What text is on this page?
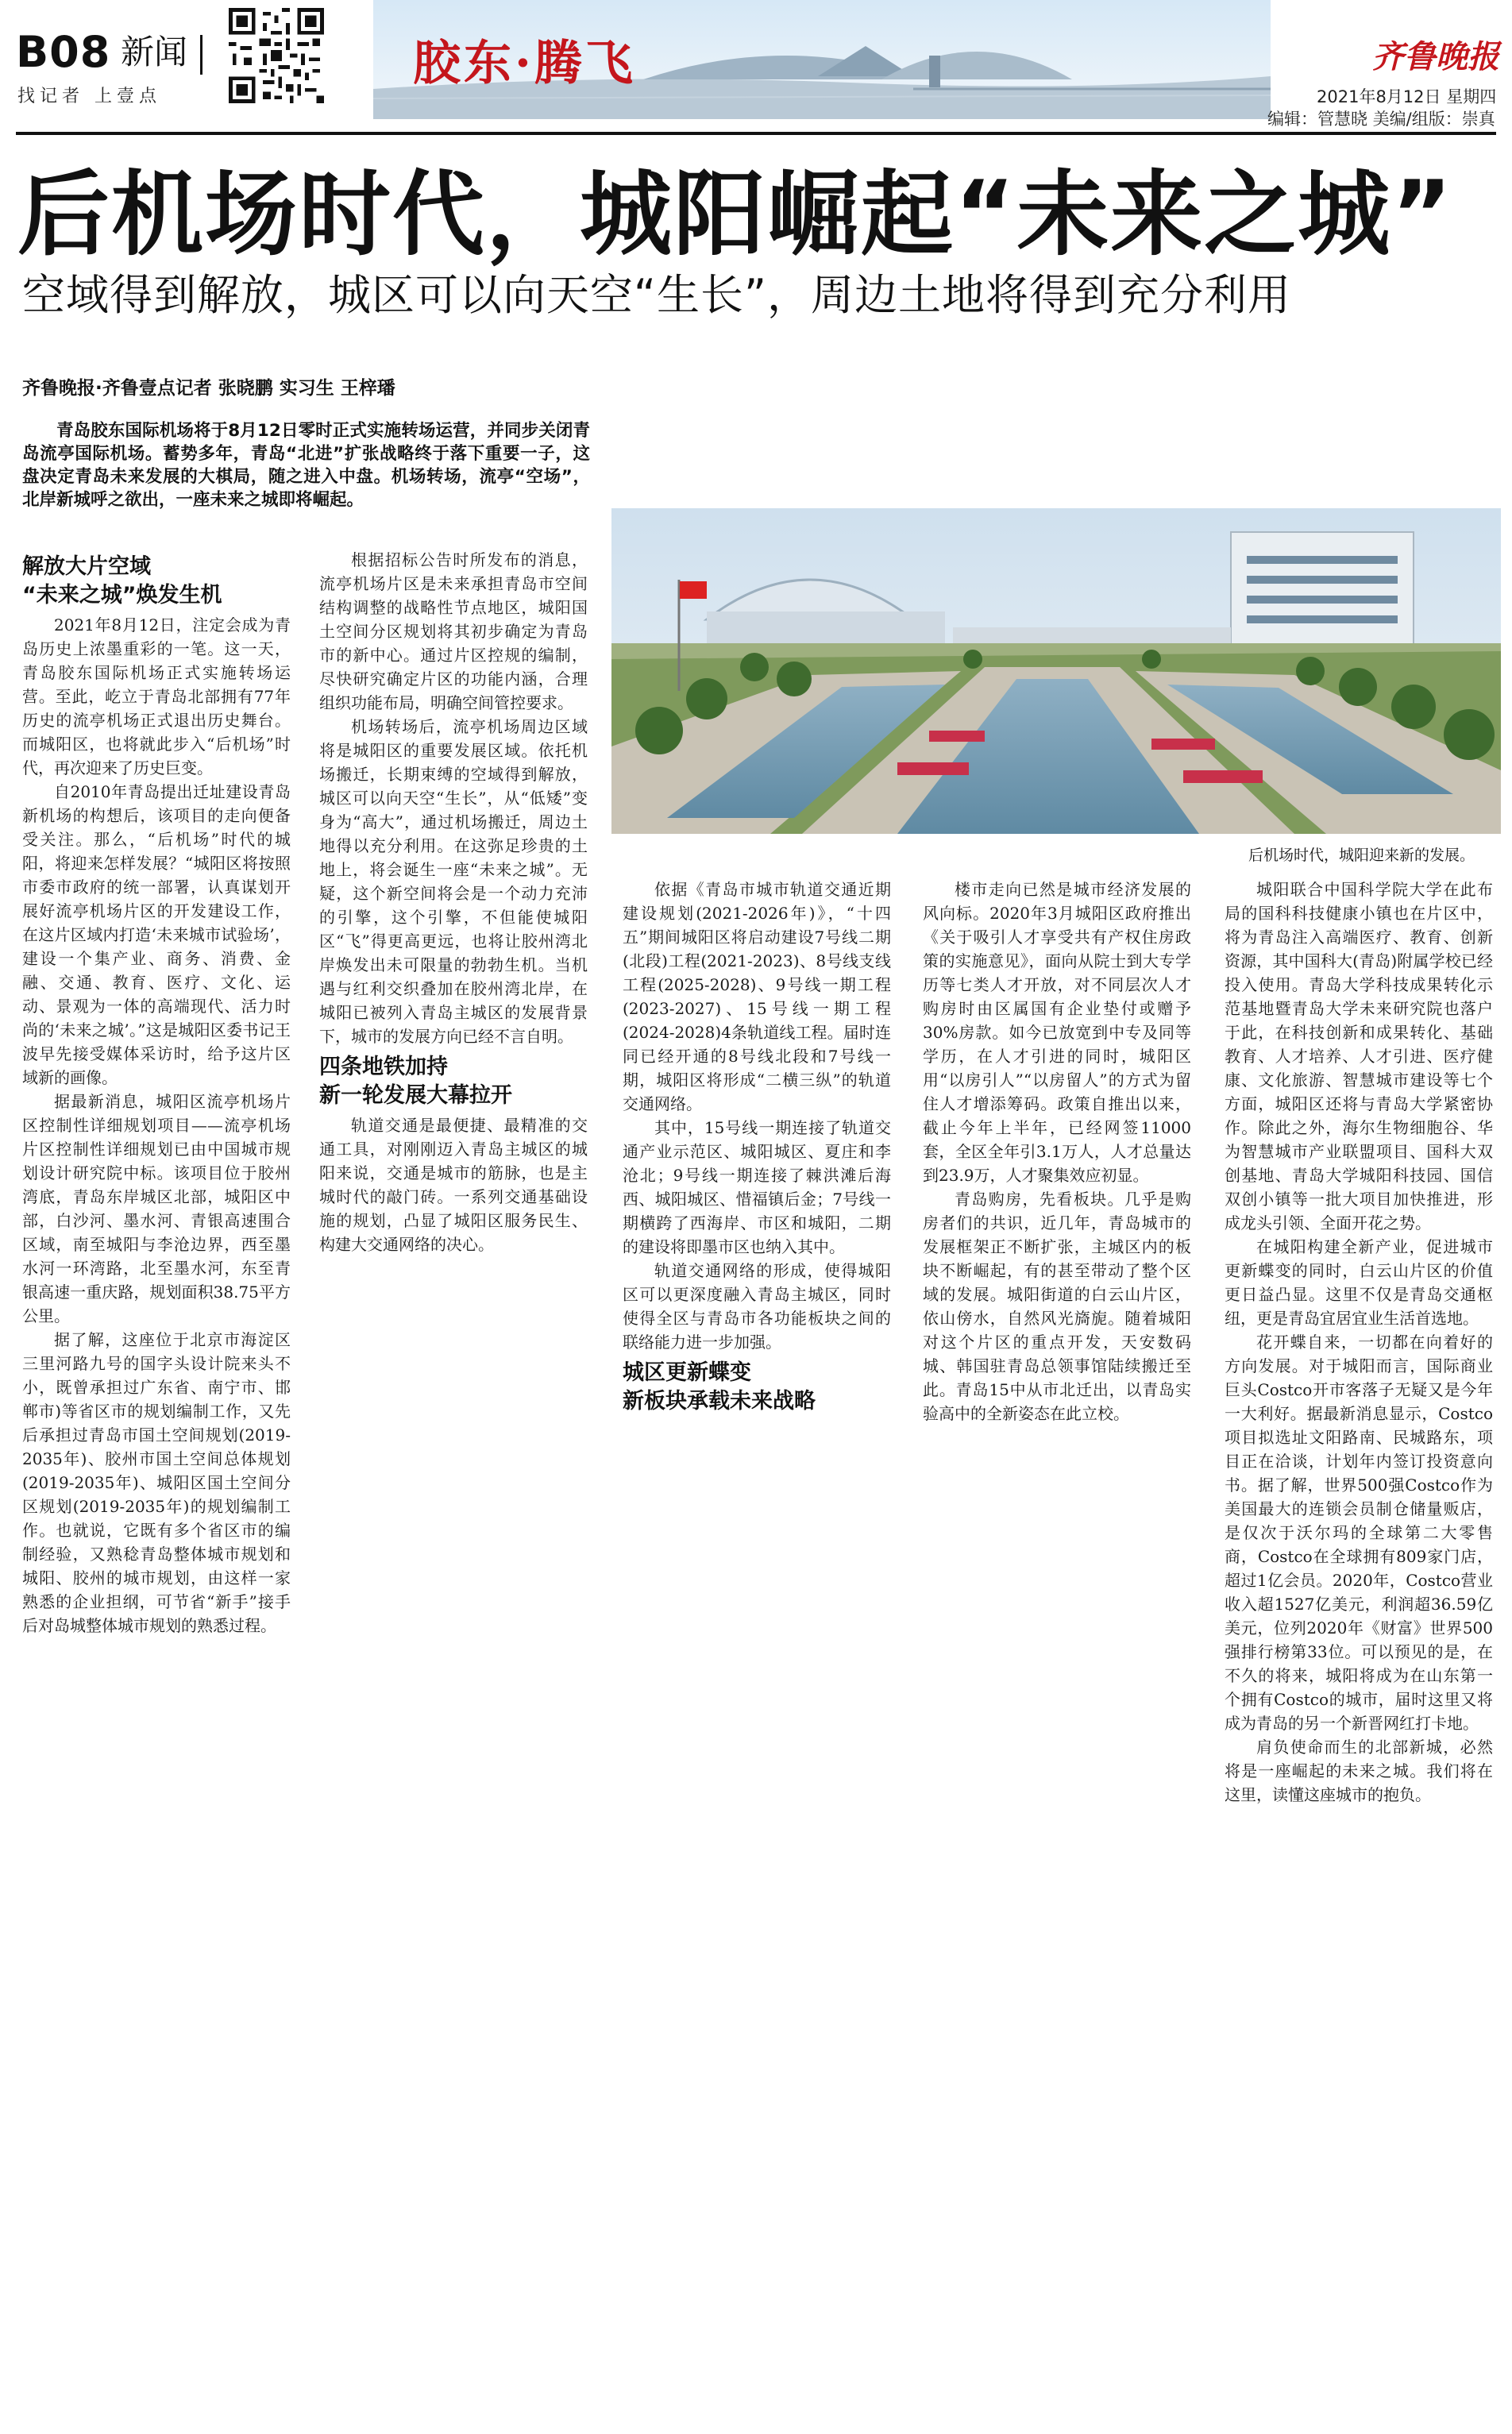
B08 新闻
找记者 上壹点
胶东·腾飞	齐鲁晚报
2021年8月12日 星期四
编辑：管慧晓 美编/组版：崇真
后机场时代，城阳崛起“未来之城”
空域得到解放，城区可以向天空“生长”，周边土地将得到充分利用
齐鲁晚报·齐鲁壹点记者 张晓鹏 实习生 王梓璠
青岛胶东国际机场将于8月12日零时正式实施转场运营，并同步关闭青岛流亭国际机场。蓄势多年，青岛“北进”扩张战略终于落下重要一子，这盘决定青岛未来发展的大棋局，随之进入中盘。机场转场，流亭“空场”，北岸新城呼之欲出，一座未来之城即将崛起。
后机场时代，城阳迎来新的发展。
解放大片空域
“未来之城”焕发生机

2021年8月12日，注定会成为青岛历史上浓墨重彩的一笔。这一天，青岛胶东国际机场正式实施转场运营。至此，屹立于青岛北部拥有77年历史的流亭机场正式退出历史舞台。而城阳区，也将就此步入“后机场”时代，再次迎来了历史巨变。

自2010年青岛提出迁址建设青岛新机场的构想后，该项目的走向便备受关注。那么，“后机场”时代的城阳，将迎来怎样发展？“城阳区将按照市委市政府的统一部署，认真谋划开展好流亭机场片区的开发建设工作，在这片区域内打造‘未来城市试验场’，建设一个集产业、商务、消费、金融、交通、教育、医疗、文化、运动、景观为一体的高端现代、活力时尚的‘未来之城’。”这是城阳区委书记王波早先接受媒体采访时，给予这片区域新的画像。

据最新消息，城阳区流亭机场片区控制性详细规划项目——流亭机场片区控制性详细规划已由中国城市规划设计研究院中标。该项目位于胶州湾底，青岛东岸城区北部，城阳区中部，白沙河、墨水河、青银高速围合区域，南至城阳与李沧边界，西至墨水河一环湾路，北至墨水河，东至青银高速一重庆路，规划面积38.75平方公里。

据了解，这座位于北京市海淀区三里河路九号的国字头设计院来头不小，既曾承担过广东省、南宁市、邯郸市)等省区市的规划编制工作，又先后承担过青岛市国土空间规划(2019-2035年)、胶州市国土空间总体规划(2019-2035年)、城阳区国土空间分区规划(2019-2035年)的规划编制工作。也就说，它既有多个省区市的编制经验，又熟稔青岛整体城市规划和城阳、胶州的城市规划，由这样一家熟悉的企业担纲，可节省“新手”接手后对岛城整体城市规划的熟悉过程。

根据招标公告时所发布的消息，流亭机场片区是未来承担青岛市空间结构调整的战略性节点地区，城阳国土空间分区规划将其初步确定为青岛市的新中心。通过片区控规的编制，尽快研究确定片区的功能内涵，合理组织功能布局，明确空间管控要求。

机场转场后，流亭机场周边区域将是城阳区的重要发展区域。依托机场搬迁，长期束缚的空域得到解放，城区可以向天空“生长”，从“低矮”变身为“高大”，通过机场搬迁，周边土地得以充分利用。在这弥足珍贵的土地上，将会诞生一座“未来之城”。无疑，这个新空间将会是一个动力充沛的引擎，这个引擎，不但能使城阳区“飞”得更高更远，也将让胶州湾北岸焕发出未可限量的勃勃生机。当机遇与红利交织叠加在胶州湾北岸，在城阳已被列入青岛主城区的发展背景下，城市的发展方向已经不言自明。

四条地铁加持
新一轮发展大幕拉开

轨道交通是最便捷、最精准的交通工具，对刚刚迈入青岛主城区的城阳来说，交通是城市的筋脉，也是主城时代的敲门砖。一系列交通基础设施的规划，凸显了城阳区服务民生、构建大交通网络的决心。

依据《青岛市城市轨道交通近期建设规划(2021-2026年)》，“十四五”期间城阳区将启动建设7号线二期(北段)工程(2021-2023)、8号线支线工程(2025-2028)、9号线一期工程(2023-2027)、15号线一期工程(2024-2028)4条轨道线工程。届时连同已经开通的8号线北段和7号线一期，城阳区将形成“二横三纵”的轨道交通网络。

其中，15号线一期连接了轨道交通产业示范区、城阳城区、夏庄和李沧北；9号线一期连接了棘洪滩后海西、城阳城区、惜福镇后金；7号线一期横跨了西海岸、市区和城阳，二期的建设将即墨市区也纳入其中。

轨道交通网络的形成，使得城阳区可以更深度融入青岛主城区，同时使得全区与青岛市各功能板块之间的联络能力进一步加强。

城区更新蝶变
新板块承载未来战略

楼市走向已然是城市经济发展的风向标。2020年3月城阳区政府推出《关于吸引人才享受共有产权住房政策的实施意见》，面向从院士到大专学历等七类人才开放，对不同层次人才购房时由区属国有企业垫付或赠予30%房款。如今已放宽到中专及同等学历，在人才引进的同时，城阳区用“以房引人”“以房留人”的方式为留住人才增添筹码。政策自推出以来，截止今年上半年，已经网签11000套，全区全年引3.1万人，人才总量达到23.9万，人才聚集效应初显。

青岛购房，先看板块。几乎是购房者们的共识，近几年，青岛城市的发展框架正不断扩张，主城区内的板块不断崛起，有的甚至带动了整个区域的发展。城阳街道的白云山片区，依山傍水，自然风光旖旎。随着城阳对这个片区的重点开发，天安数码城、韩国驻青岛总领事馆陆续搬迁至此。青岛15中从市北迁出，以青岛实验高中的全新姿态在此立校。

城阳联合中国科学院大学在此布局的国科科技健康小镇也在片区中，将为青岛注入高端医疗、教育、创新资源，其中国科大(青岛)附属学校已经投入使用。青岛大学科技成果转化示范基地暨青岛大学未来研究院也落户于此，在科技创新和成果转化、基础教育、人才培养、人才引进、医疗健康、文化旅游、智慧城市建设等七个方面，城阳区还将与青岛大学紧密协作。除此之外，海尔生物细胞谷、华为智慧城市产业联盟项目、国科大双创基地、青岛大学城阳科技园、国信双创小镇等一批大项目加快推进，形成龙头引领、全面开花之势。

在城阳构建全新产业，促进城市更新蝶变的同时，白云山片区的价值更日益凸显。这里不仅是青岛交通枢纽，更是青岛宜居宜业生活首选地。

花开蝶自来，一切都在向着好的方向发展。对于城阳而言，国际商业巨头Costco开市客落子无疑又是今年一大利好。据最新消息显示，Costco项目拟选址文阳路南、民城路东，项目正在洽谈，计划年内签订投资意向书。据了解，世界500强Costco作为美国最大的连锁会员制仓储量贩店，是仅次于沃尔玛的全球第二大零售商，Costco在全球拥有809家门店，超过1亿会员。2020年，Costco营业收入超1527亿美元，利润超36.59亿美元，位列2020年《财富》世界500强排行榜第33位。可以预见的是，在不久的将来，城阳将成为在山东第一个拥有Costco的城市，届时这里又将成为青岛的另一个新晋网红打卡地。

肩负使命而生的北部新城，必然将是一座崛起的未来之城。我们将在这里，读懂这座城市的抱负。
